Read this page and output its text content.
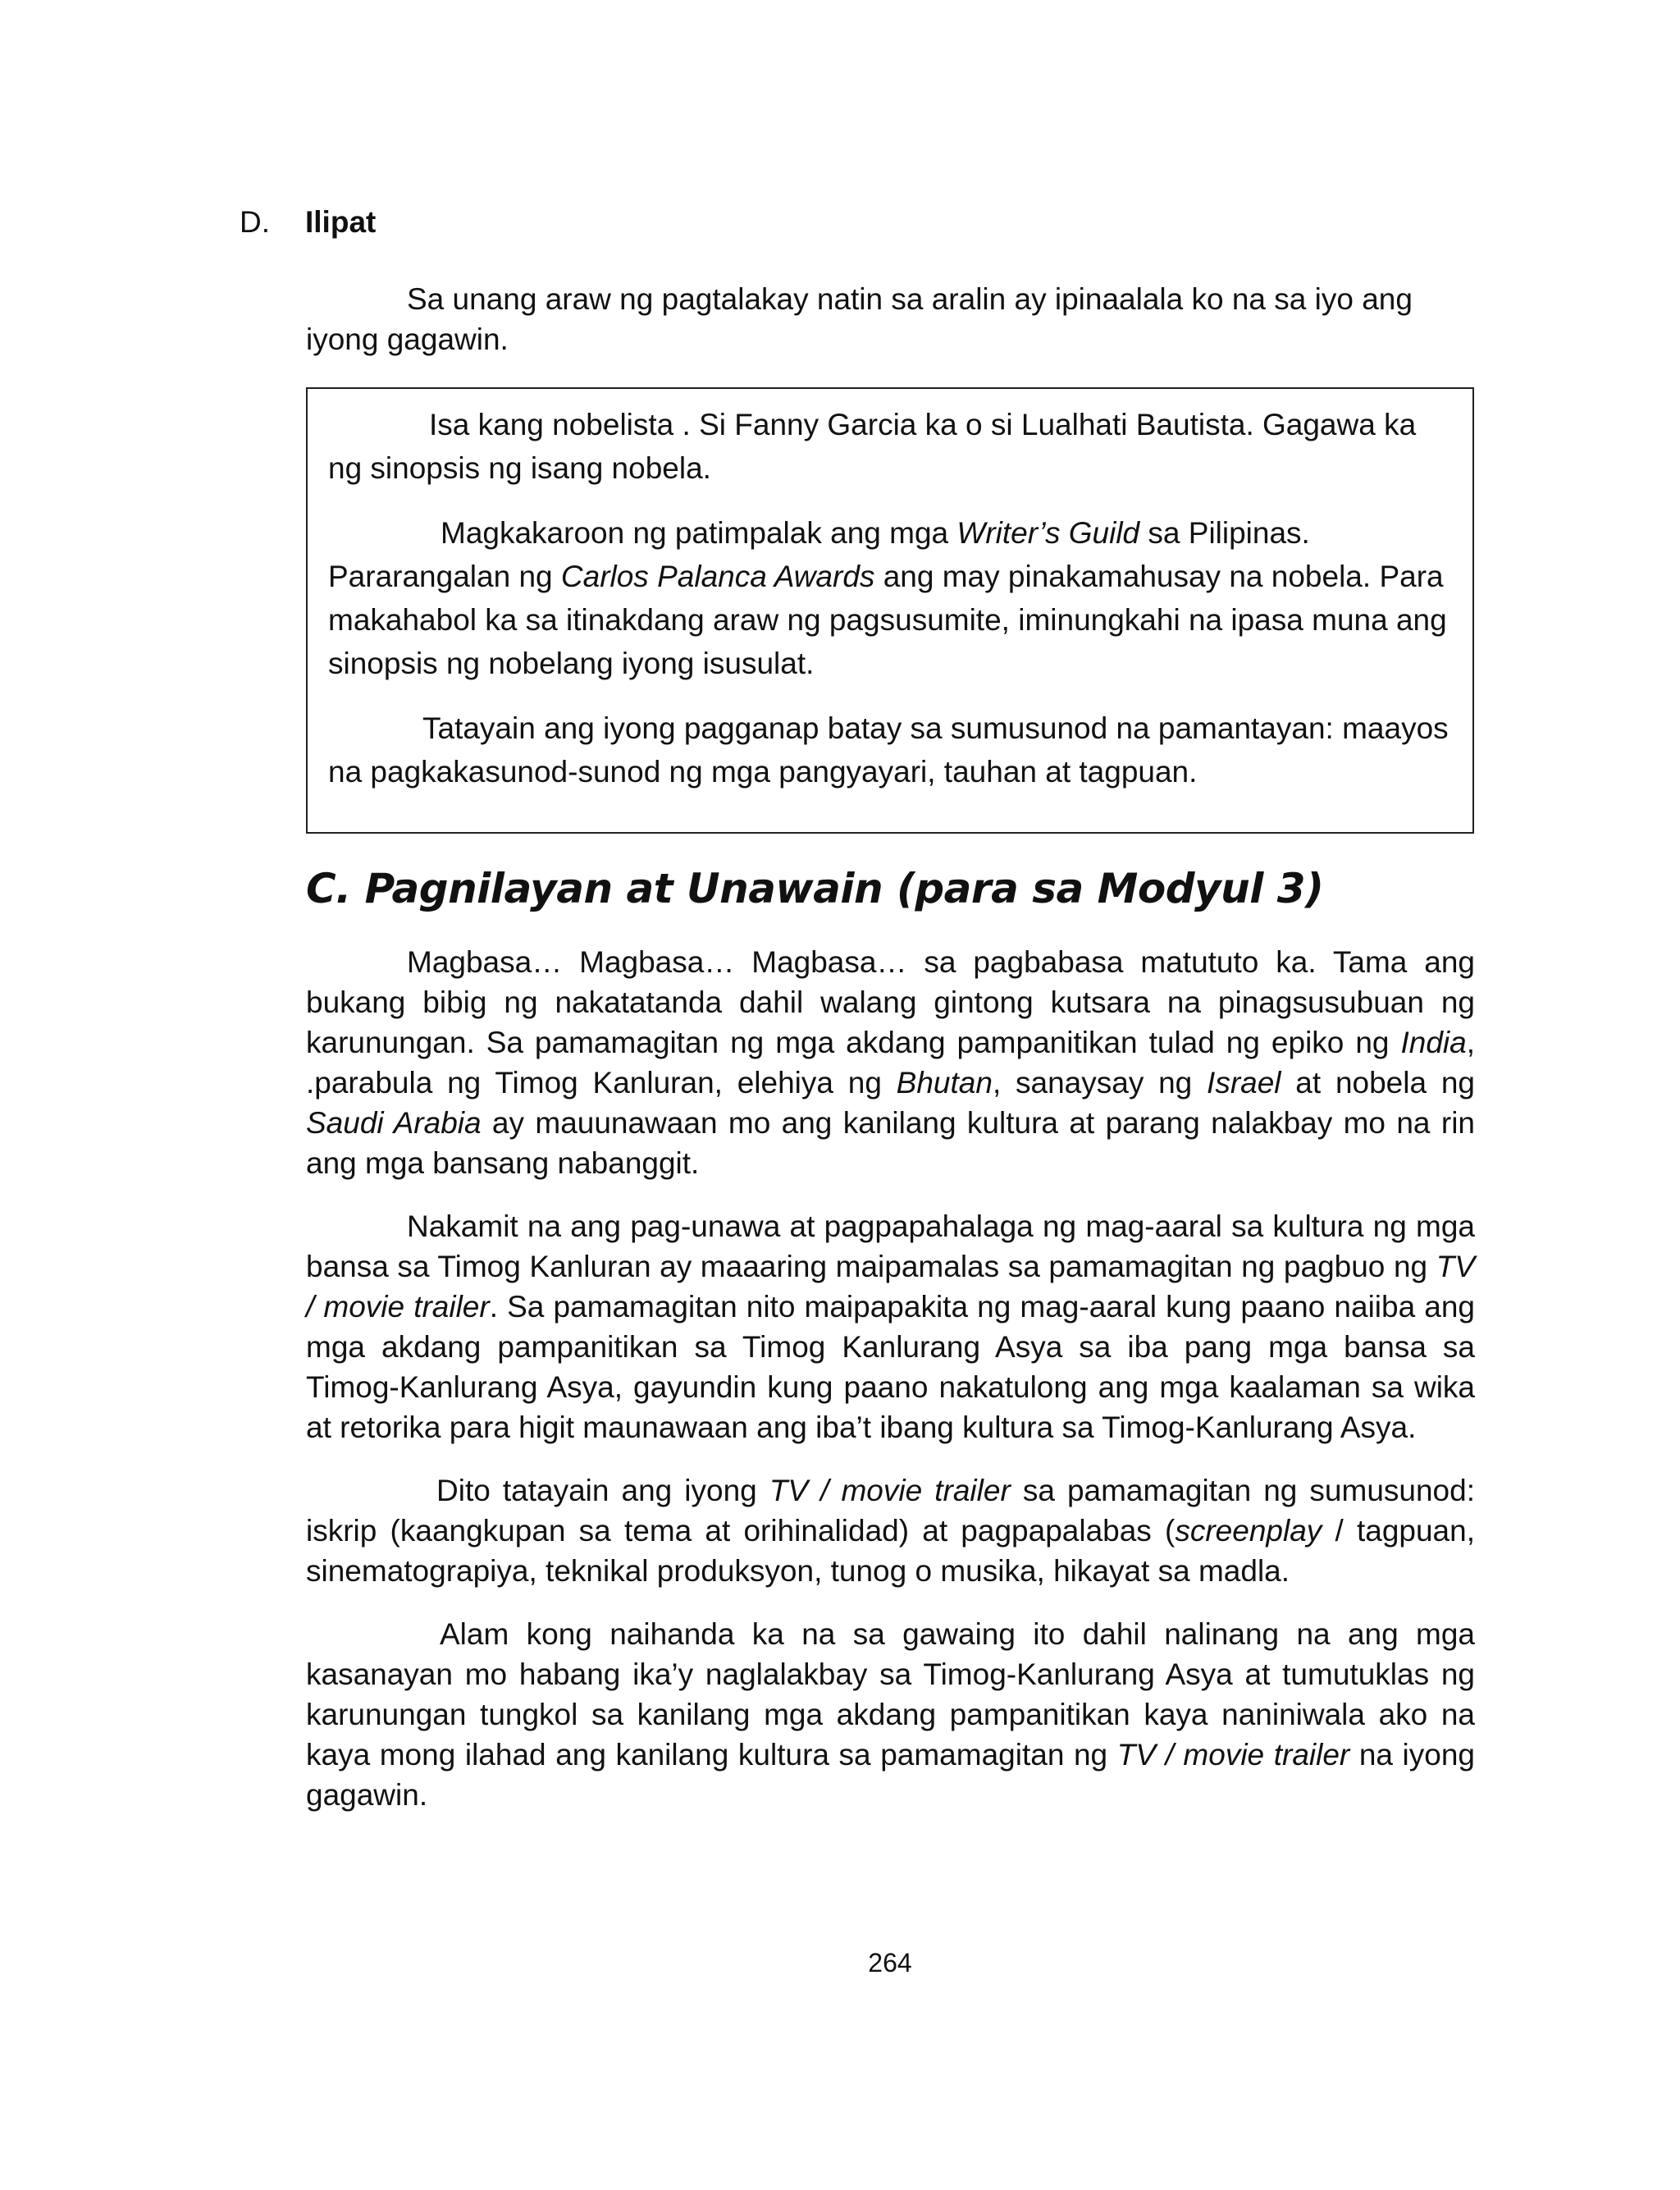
D. Ilipat

Sa unang araw ng pagtalakay natin sa aralin ay ipinaalala ko na sa iyo ang iyong gagawin.

Isa kang nobelista . Si Fanny Garcia ka o si Lualhati Bautista. Gagawa ka ng sinopsis ng isang nobela.

Magkakaroon ng patimpalak ang mga Writer’s Guild sa Pilipinas. Pararangalan ng Carlos Palanca Awards ang may pinakamahusay na nobela. Para makahabol ka sa itinakdang araw ng pagsusumite, iminungkahi na ipasa muna ang sinopsis ng nobelang iyong isusulat.

Tatayain ang iyong pagganap batay sa sumusunod na pamantayan: maayos na pagkakasunod-sunod ng mga pangyayari, tauhan at tagpuan.

C. Pagnilayan at Unawain (para sa Modyul 3)

Magbasa… Magbasa… Magbasa… sa pagbabasa matututo ka. Tama ang bukang bibig ng nakatatanda dahil walang gintong kutsara na pinagsusubuan ng karunungan. Sa pamamagitan ng mga akdang pampanitikan tulad ng epiko ng India, .parabula ng Timog Kanluran, elehiya ng Bhutan, sanaysay ng Israel at nobela ng Saudi Arabia ay mauunawaan mo ang kanilang kultura at parang nalakbay mo na rin ang mga bansang nabanggit.

Nakamit na ang pag-unawa at pagpapahalaga ng mag-aaral sa kultura ng mga bansa sa Timog Kanluran ay maaaring maipamalas sa pamamagitan ng pagbuo ng TV / movie trailer. Sa pamamagitan nito maipapakita ng mag-aaral kung paano naiiba ang mga akdang pampanitikan sa Timog Kanlurang Asya sa iba pang mga bansa sa Timog-Kanlurang Asya, gayundin kung paano nakatulong ang mga kaalaman sa wika at retorika para higit maunawaan ang iba’t ibang kultura sa Timog-Kanlurang Asya.

Dito tatayain ang iyong TV / movie trailer sa pamamagitan ng sumusunod: iskrip (kaangkupan sa tema at orihinalidad) at pagpapalabas (screenplay / tagpuan, sinematograpiya, teknikal produksyon, tunog o musika, hikayat sa madla.

Alam kong naihanda ka na sa gawaing ito dahil nalinang na ang mga kasanayan mo habang ika’y naglalakbay sa Timog-Kanlurang Asya at tumutuklas ng karunungan tungkol sa kanilang mga akdang pampanitikan kaya naniniwala ako na kaya mong ilahad ang kanilang kultura sa pamamagitan ng TV / movie trailer na iyong gagawin.

264
